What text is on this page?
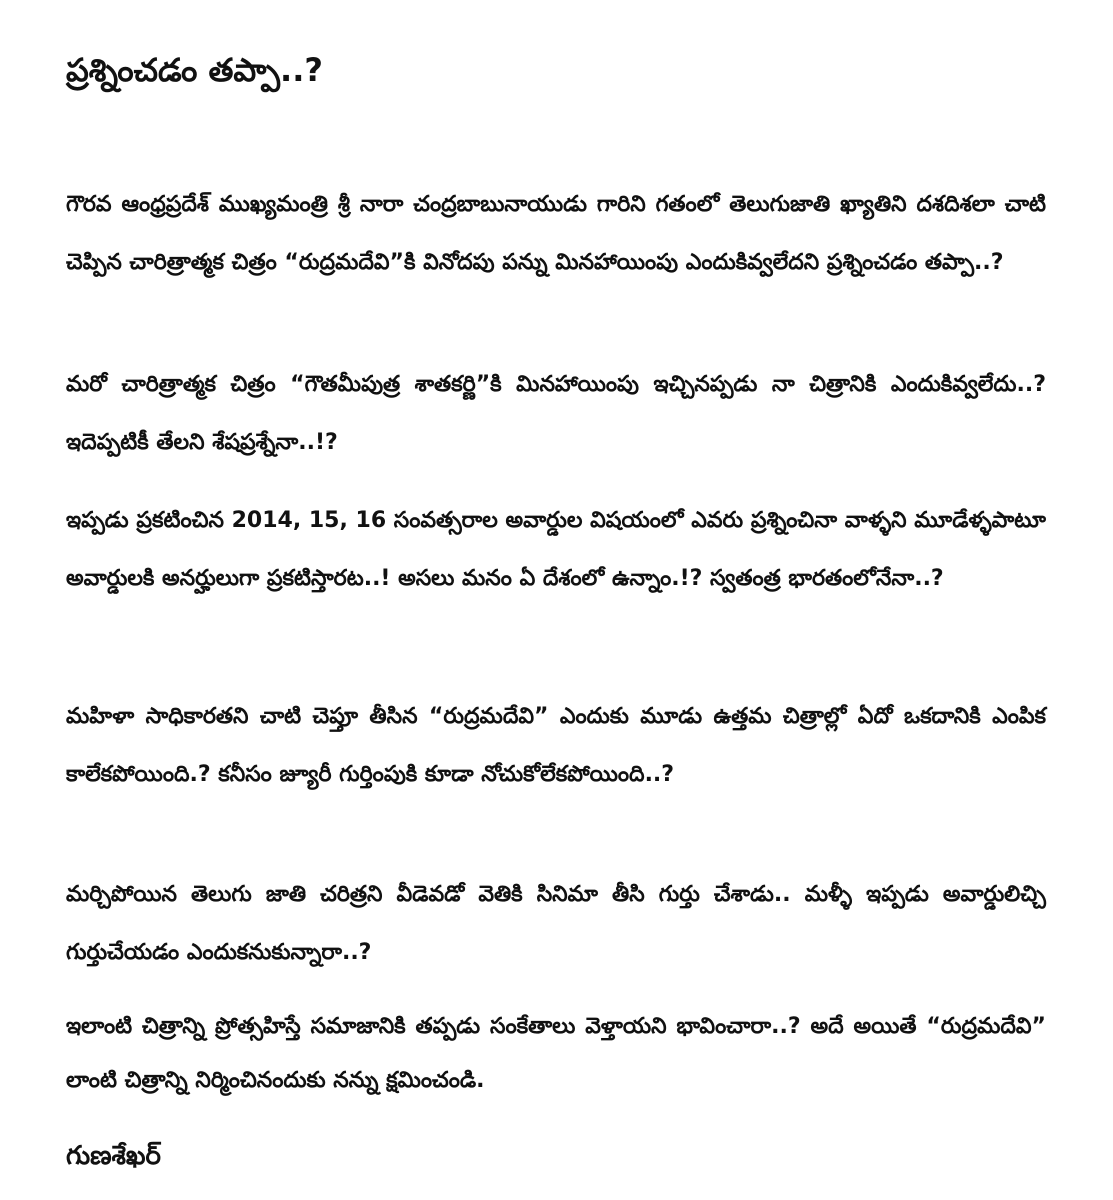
ప్రశ్నించడం తప్పా..?

గౌరవ ఆంధ్రప్రదేశ్ ముఖ్యమంత్రి శ్రీ నారా చంద్రబాబునాయుడు గారిని గతంలో తెలుగుజాతి ఖ్యాతిని దశదిశలా చాటి చెప్పిన చారిత్రాత్మక చిత్రం “రుద్రమదేవి”కి వినోదపు పన్ను మినహాయింపు ఎందుకివ్వలేదని ప్రశ్నించడం తప్పా..?

మరో చారిత్రాత్మక చిత్రం “గౌతమీపుత్ర శాతకర్ణి”కి మినహాయింపు ఇచ్చినప్పడు నా చిత్రానికి ఎందుకివ్వలేదు..? ఇదెప్పటికీ తేలని శేషప్రశ్నేనా..!?

ఇప్పడు ప్రకటించిన 2014, 15, 16 సంవత్సరాల అవార్డుల విషయంలో ఎవరు ప్రశ్నించినా వాళ్ళని మూడేళ్ళపాటూ అవార్డులకి అనర్హులుగా ప్రకటిస్తారట..! అసలు మనం ఏ దేశంలో ఉన్నాం.!? స్వతంత్ర భారతంలోనేనా..?

మహిళా సాధికారతని చాటి చెప్తూ తీసిన “రుద్రమదేవి” ఎందుకు మూడు ఉత్తమ చిత్రాల్లో ఏదో ఒకదానికి ఎంపిక కాలేకపోయింది.? కనీసం జ్యూరీ గుర్తింపుకి కూడా నోచుకోలేకపోయింది..?

మర్చిపోయిన తెలుగు జాతి చరిత్రని వీడెవడో వెతికి సినిమా తీసి గుర్తు చేశాడు.. మళ్ళీ ఇప్పడు అవార్డులిచ్చి గుర్తుచేయడం ఎందుకనుకున్నారా..?

ఇలాంటి చిత్రాన్ని ప్రోత్సహిస్తే సమాజానికి తప్పడు సంకేతాలు వెళ్తాయని భావించారా..? అదే అయితే “రుద్రమదేవి” లాంటి చిత్రాన్ని నిర్మించినందుకు నన్ను క్షమించండి.

గుణశేఖర్
